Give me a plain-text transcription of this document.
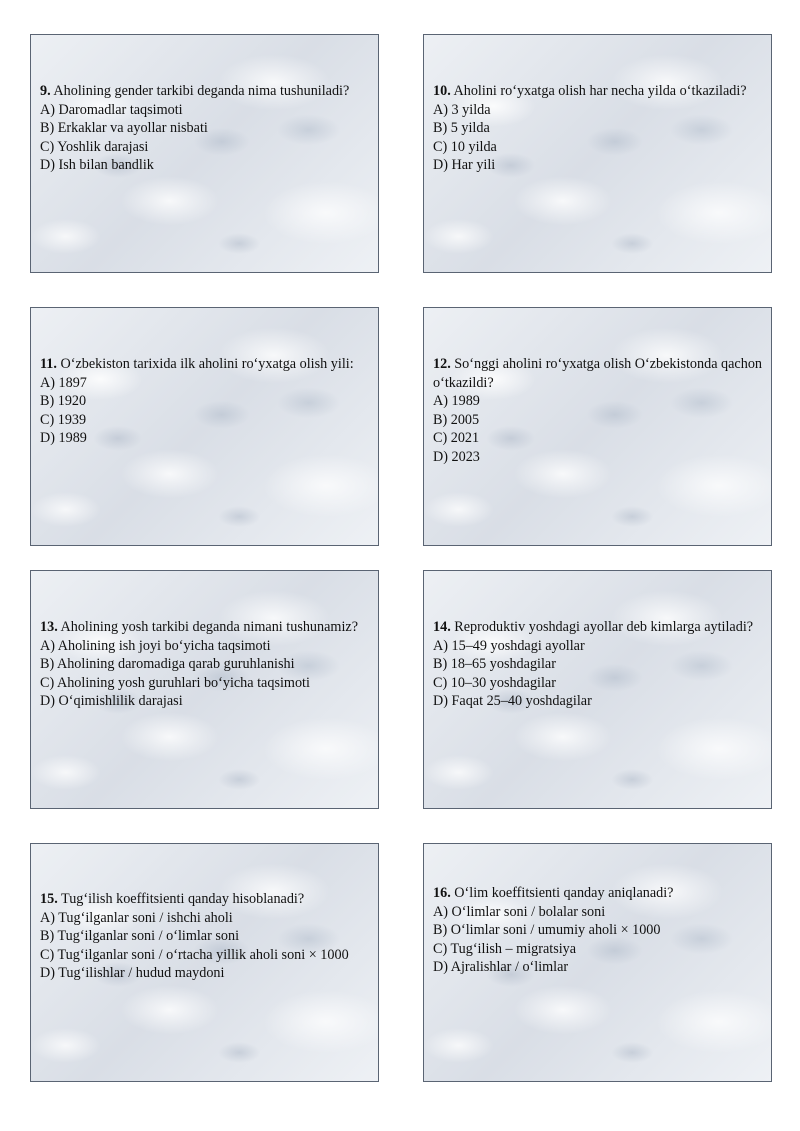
9. Aholining gender tarkibi deganda nima tushuniladi?
A) Daromadlar taqsimoti
B) Erkaklar va ayollar nisbati
C) Yoshlik darajasi
D) Ish bilan bandlik
10. Aholini ro‘yxatga olish har necha yilda o‘tkaziladi?
A) 3 yilda
B) 5 yilda
C) 10 yilda
D) Har yili
11. O‘zbekiston tarixida ilk aholini ro‘yxatga olish yili:
A) 1897
B) 1920
C) 1939
D) 1989
12. So‘nggi aholini ro‘yxatga olish O‘zbekistonda qachon o‘tkazildi?
A) 1989
B) 2005
C) 2021
D) 2023
13. Aholining yosh tarkibi deganda nimani tushunamiz?
A) Aholining ish joyi bo‘yicha taqsimoti
B) Aholining daromadiga qarab guruhlanishi
C) Aholining yosh guruhlari bo‘yicha taqsimoti
D) O‘qimishlilik darajasi
14. Reproduktiv yoshdagi ayollar deb kimlarga aytiladi?
A) 15–49 yoshdagi ayollar
B) 18–65 yoshdagilar
C) 10–30 yoshdagilar
D) Faqat 25–40 yoshdagilar
15. Tug‘ilish koeffitsienti qanday hisoblanadi?
A) Tug‘ilganlar soni / ishchi aholi
B) Tug‘ilganlar soni / o‘limlar soni
C) Tug‘ilganlar soni / o‘rtacha yillik aholi soni × 1000
D) Tug‘ilishlar / hudud maydoni
16. O‘lim koeffitsienti qanday aniqlanadi?
A) O‘limlar soni / bolalar soni
B) O‘limlar soni / umumiy aholi × 1000
C) Tug‘ilish – migratsiya
D) Ajralishlar / o‘limlar
